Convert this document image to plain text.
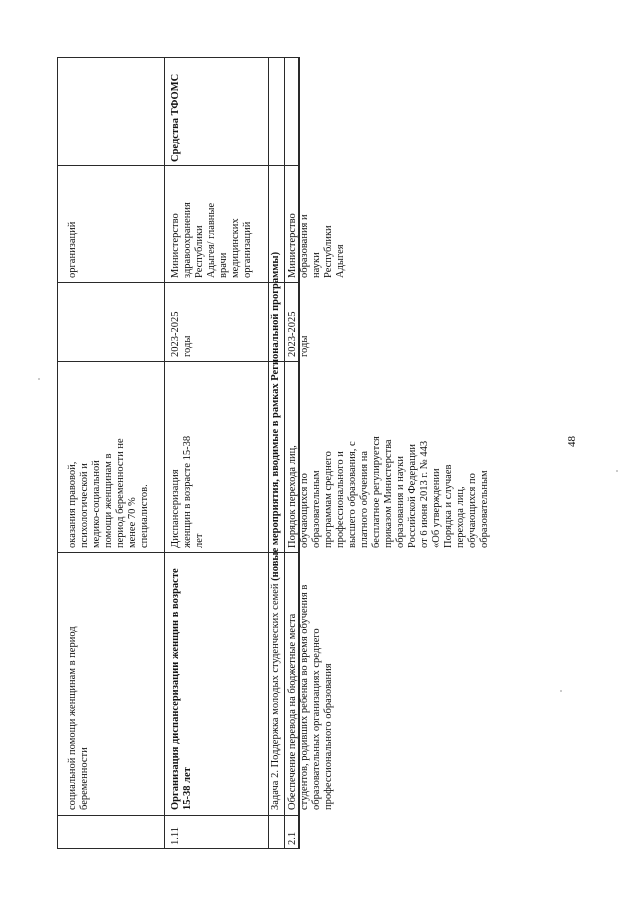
социальной помощи женщинам в период беременности
оказания правовой,
психологической и
медико-социальной
помощи женщинам в
период беременности не
менее 70 %
специалистов.
организаций
1.11
Организация диспансеризации женщин в возрасте
15-38 лет
Диспансеризация
женщин в возрасте 15-38
лет
2023-2025
годы
Министерство
здравоохранения
Республики
Адыгея/ главные
врачи
медицинских
организаций
Средства ТФОМС
Задача 2. Поддержка молодых студенческих семей (новые мероприятия, вводимые в рамках Региональной программы)
2.1
Обеспечение перевода на бюджетные места
студентов, родивших ребенка во время обучения в
образовательных организациях среднего
профессионального образования
Порядок перехода лиц,
обучающихся по
образовательным
программам среднего
профессионального и
высшего образования, с
платного обучения на
бесплатное регулируется
приказом Министерства
образования и науки
Российской Федерации
от 6 июня 2013 г. № 443
«Об утверждении
Порядка и случаев
перехода лиц,
обучающихся по
образовательным
2023-2025
годы
Министерство
образования и
науки
Республики
Адыгея
48
